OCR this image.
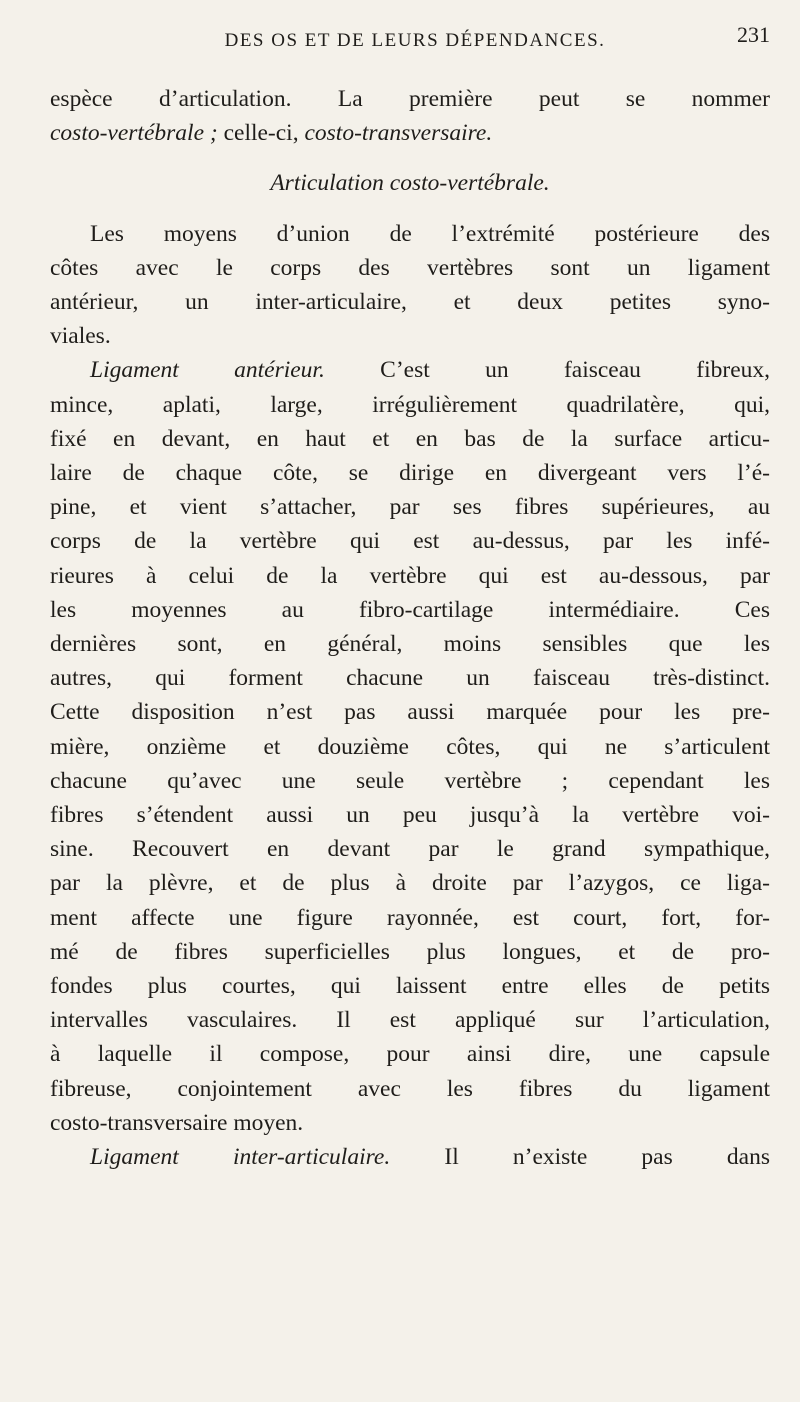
DES OS ET DE LEURS DÉPENDANCES.	231
espèce d’articulation. La première peut se nommer
costo-vertébrale ; celle-ci, costo-transversaire.
Articulation costo-vertébrale.
Les moyens d’union de l’extrémité postérieure des
côtes avec le corps des vertèbres sont un ligament
antérieur, un inter-articulaire, et deux petites syno-
viales.
Ligament antérieur. C’est un faisceau fibreux,
mince, aplati, large, irrégulièrement quadrilatère, qui,
fixé en devant, en haut et en bas de la surface articu-
laire de chaque côte, se dirige en divergeant vers l’é-
pine, et vient s’attacher, par ses fibres supérieures, au
corps de la vertèbre qui est au-dessus, par les infé-
rieures à celui de la vertèbre qui est au-dessous, par
les moyennes au fibro-cartilage intermédiaire. Ces
dernières sont, en général, moins sensibles que les
autres, qui forment chacune un faisceau très-distinct.
Cette disposition n’est pas aussi marquée pour les pre-
mière, onzième et douzième côtes, qui ne s’articulent
chacune qu’avec une seule vertèbre ; cependant les
fibres s’étendent aussi un peu jusqu’à la vertèbre voi-
sine. Recouvert en devant par le grand sympathique,
par la plèvre, et de plus à droite par l’azygos, ce liga-
ment affecte une figure rayonnée, est court, fort, for-
mé de fibres superficielles plus longues, et de pro-
fondes plus courtes, qui laissent entre elles de petits
intervalles vasculaires. Il est appliqué sur l’articulation,
à laquelle il compose, pour ainsi dire, une capsule
fibreuse, conjointement avec les fibres du ligament
costo-transversaire moyen.
Ligament inter-articulaire. Il n’existe pas dans
